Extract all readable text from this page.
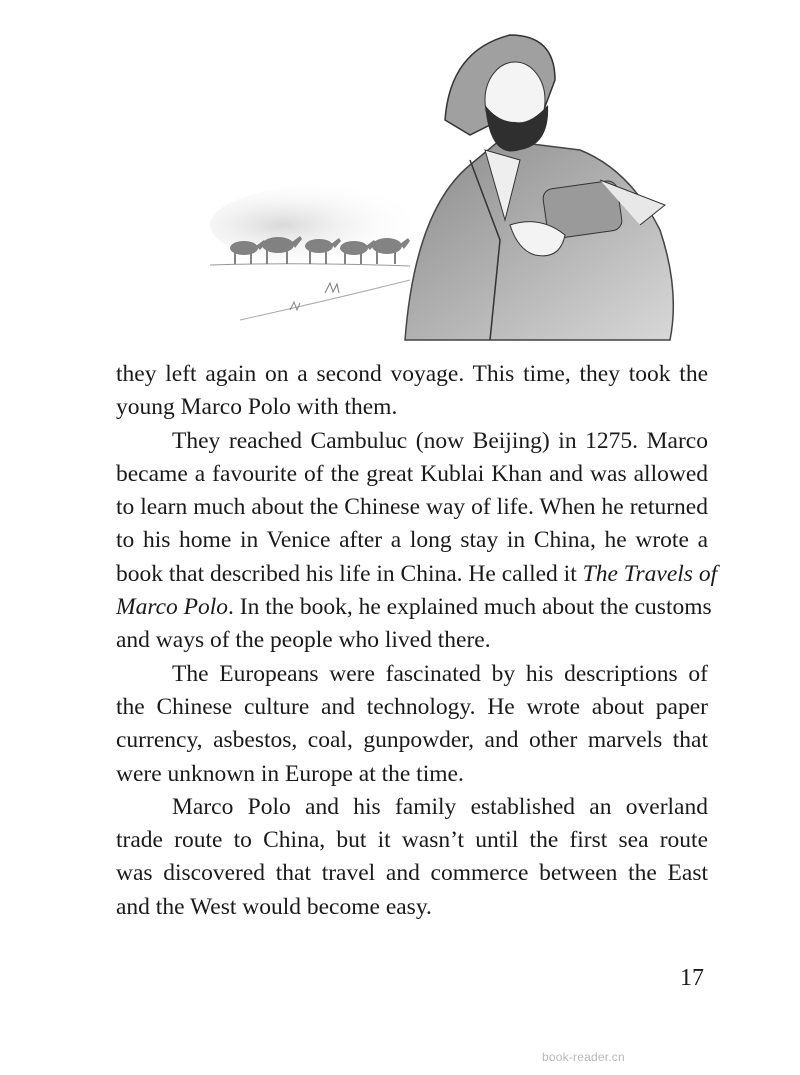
they left again on a second voyage. This time, they took the
young Marco Polo with them.

They reached Cambuluc (now Beijing) in 1275. Marco
became a favourite of the great Kublai Khan and was allowed
to learn much about the Chinese way of life. When he returned
to his home in Venice after a long stay in China, he wrote a
book that described his life in China. He called it The Travels of
Marco Polo. In the book, he explained much about the customs
and ways of the people who lived there.

The Europeans were fascinated by his descriptions of
the Chinese culture and technology. He wrote about paper
currency, asbestos, coal, gunpowder, and other marvels that
were unknown in Europe at the time.

Marco Polo and his family established an overland
trade route to China, but it wasn’t until the first sea route
was discovered that travel and commerce between the East
and the West would become easy.

17
book-reader.cn
